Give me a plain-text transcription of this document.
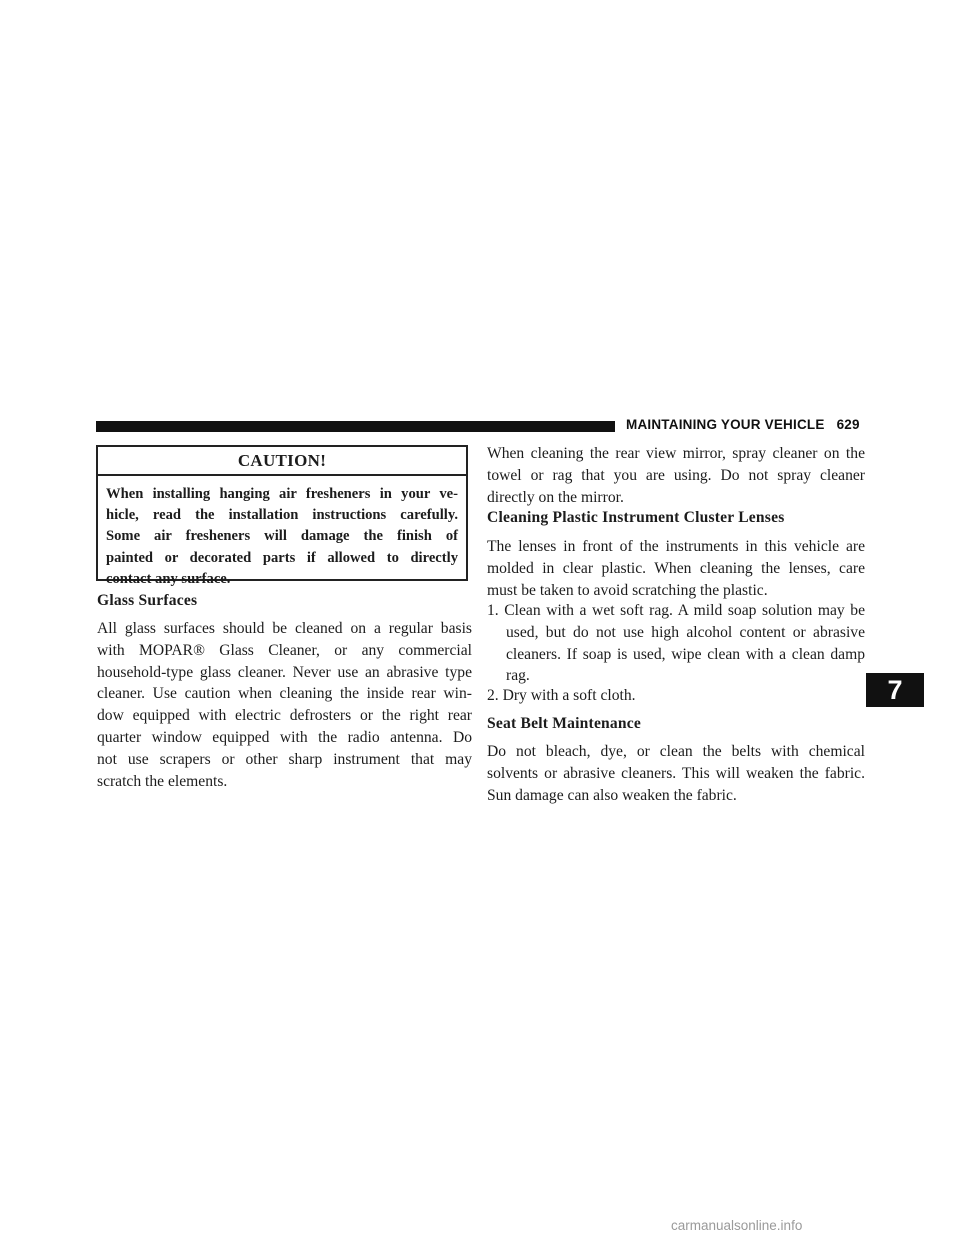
MAINTAINING YOUR VEHICLE 629
CAUTION!
When installing hanging air fresheners in your ve-
hicle, read the installation instructions carefully.
Some air fresheners will damage the finish of
painted or decorated parts if allowed to directly
contact any surface.
Glass Surfaces
All glass surfaces should be cleaned on a regular basis
with MOPAR® Glass Cleaner, or any commercial
household-type glass cleaner. Never use an abrasive type
cleaner. Use caution when cleaning the inside rear win-
dow equipped with electric defrosters or the right rear
quarter window equipped with the radio antenna. Do
not use scrapers or other sharp instrument that may
scratch the elements.
When cleaning the rear view mirror, spray cleaner on the
towel or rag that you are using. Do not spray cleaner
directly on the mirror.
Cleaning Plastic Instrument Cluster Lenses
The lenses in front of the instruments in this vehicle are
molded in clear plastic. When cleaning the lenses, care
must be taken to avoid scratching the plastic.
1. Clean with a wet soft rag. A mild soap solution may be
used, but do not use high alcohol content or abrasive
cleaners. If soap is used, wipe clean with a clean damp
rag.
2. Dry with a soft cloth.
Seat Belt Maintenance
Do not bleach, dye, or clean the belts with chemical
solvents or abrasive cleaners. This will weaken the fabric.
Sun damage can also weaken the fabric.
7
carmanualsonline.info
